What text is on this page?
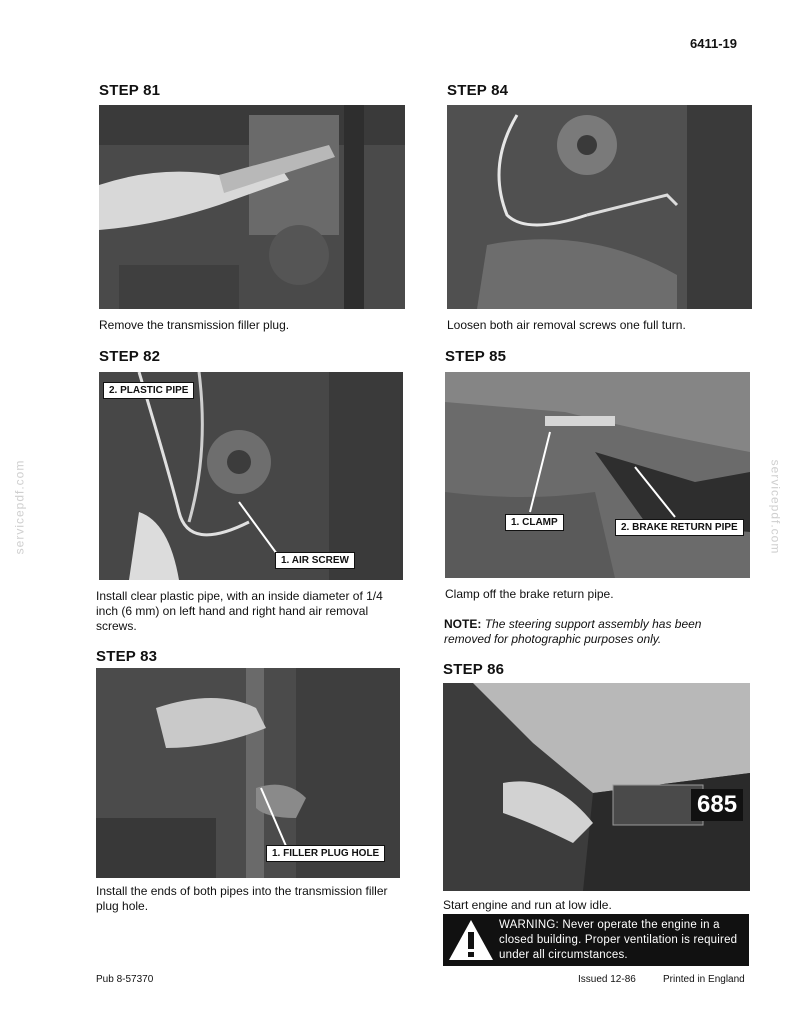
6411-19
servicepdf.com	servicepdf.com
STEP 81
Remove the transmission filler plug.
STEP 82
2. PLASTIC PIPE
1. AIR SCREW
Install clear plastic pipe, with an inside diameter of 1/4 inch (6 mm) on left hand and right hand air removal screws.
STEP 83
1. FILLER PLUG HOLE
Install the ends of both pipes into the transmission filler plug hole.
STEP 84
Loosen both air removal screws one full turn.
STEP 85
1. CLAMP	2. BRAKE RETURN PIPE
Clamp off the brake return pipe.
NOTE: The steering support assembly has been removed for photographic purposes only.
STEP 86
685
Start engine and run at low idle.
WARNING: Never operate the engine in a closed building. Proper ventilation is required under all circumstances.
Pub 8-57370	Issued 12-86	Printed in England
